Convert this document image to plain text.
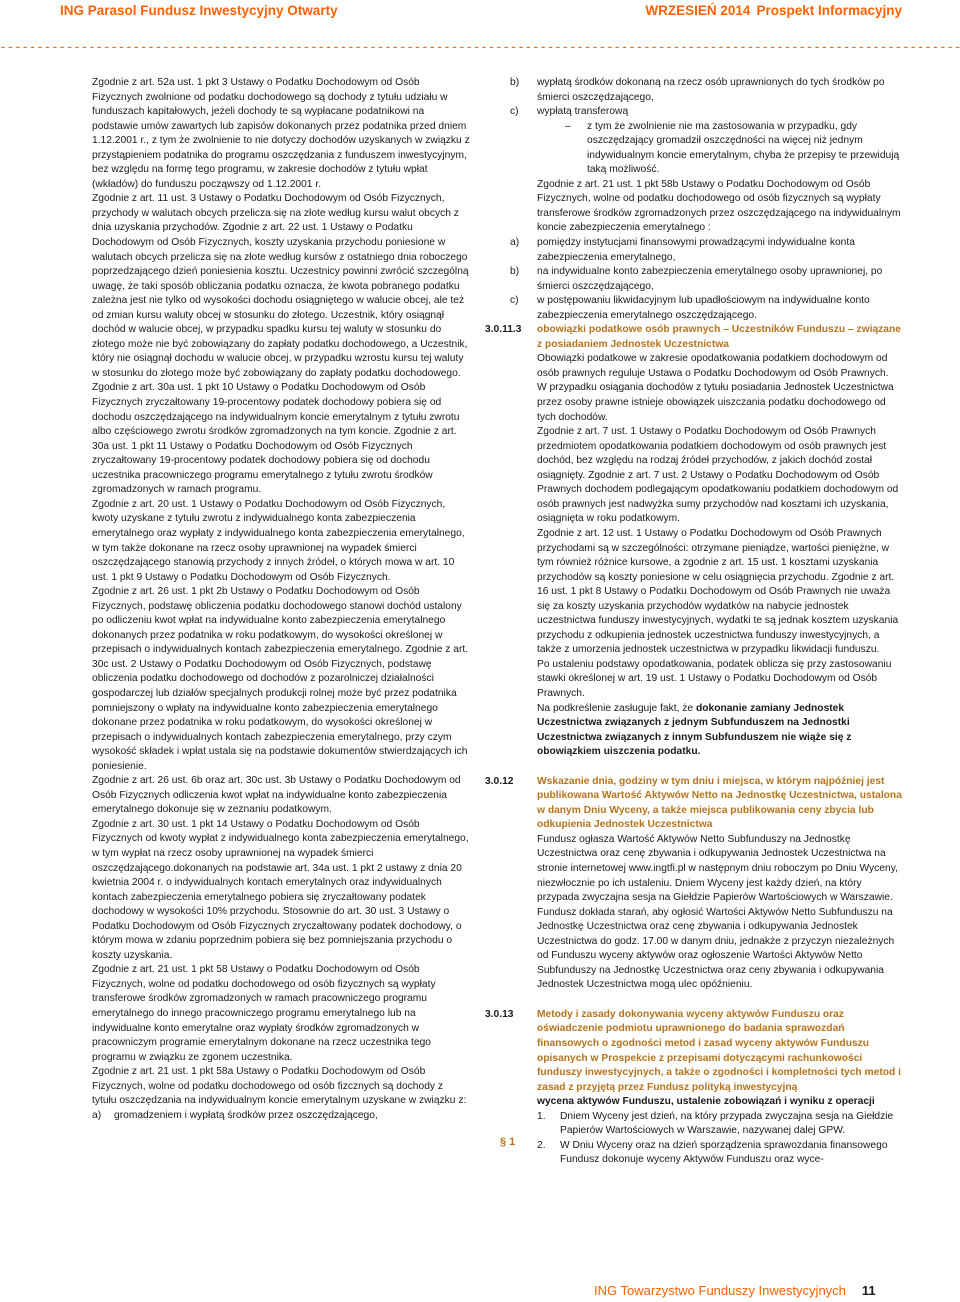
ING Parasol Fundusz Inwestycyjny Otwarty	WRZESIEŃ 2014 Prospekt Informacyjny
Zgodnie z art. 52a ust. 1 pkt 3 Ustawy o Podatku Dochodowym od Osób Fizycznych zwolnione od podatku dochodowego są dochody z tytułu udziału w funduszach kapitałowych, jeżeli dochody te są wypłacane podatnikowi na podstawie umów zawartych lub zapisów dokonanych przez podatnika przed dniem 1.12.2001 r., z tym że zwolnienie to nie dotyczy dochodów uzyskanych w związku z przystąpieniem podatnika do programu oszczędzania z funduszem inwestycyjnym, bez względu na formę tego programu, w zakresie dochodów z tytułu wpłat (wkładów) do funduszu począwszy od 1.12.2001 r.
Zgodnie z art. 11 ust. 3 Ustawy o Podatku Dochodowym od Osób Fizycznych, przychody w walutach obcych przelicza się na złote według kursu walut obcych z dnia uzyskania przychodów. Zgodnie z art. 22 ust. 1 Ustawy o Podatku Dochodowym od Osób Fizycznych, koszty uzyskania przychodu poniesione w walutach obcych przelicza się na złote według kursów z ostatniego dnia roboczego poprzedzającego dzień poniesienia kosztu. Uczestnicy powinni zwrócić szczególną uwagę, że taki sposób obliczania podatku oznacza, że kwota pobranego podatku zależna jest nie tylko od wysokości dochodu osiągniętego w walucie obcej, ale też od zmian kursu waluty obcej w stosunku do złotego. Uczestnik, który osiągnął dochód w walucie obcej, w przypadku spadku kursu tej waluty w stosunku do złotego może nie być zobowiązany do zapłaty podatku dochodowego, a Uczestnik, który nie osiągnął dochodu w walucie obcej, w przypadku wzrostu kursu tej waluty w stosunku do złotego może być zobowiązany do zapłaty podatku dochodowego.
Zgodnie z art. 30a ust. 1 pkt 10 Ustawy o Podatku Dochodowym od Osób Fizycznych zryczałtowany 19-procentowy podatek dochodowy pobiera się od dochodu oszczędzającego na indywidualnym koncie emerytalnym z tytułu zwrotu albo częściowego zwrotu środków zgromadzonych na tym koncie. Zgodnie z art. 30a ust. 1 pkt 11 Ustawy o Podatku Dochodowym od Osób Fizycznych zryczałtowany 19-procentowy podatek dochodowy pobiera się od dochodu uczestnika pracowniczego programu emerytalnego z tytułu zwrotu środków zgromadzonych w ramach programu.
Zgodnie z art. 20 ust. 1 Ustawy o Podatku Dochodowym od Osób Fizycznych, kwoty uzyskane z tytułu zwrotu z indywidualnego konta zabezpieczenia emerytalnego oraz wypłaty z indywidualnego konta zabezpieczenia emerytalnego, w tym także dokonane na rzecz osoby uprawnionej na wypadek śmierci oszczędzającego stanowią przychody z innych źródeł, o których mowa w art. 10 ust. 1 pkt 9 Ustawy o Podatku Dochodowym od Osób Fizycznych.
Zgodnie z art. 26 ust. 1 pkt 2b Ustawy o Podatku Dochodowym od Osób Fizycznych, podstawę obliczenia podatku dochodowego stanowi dochód ustalony po odliczeniu kwot wpłat na indywidualne konto zabezpieczenia emerytalnego dokonanych przez podatnika w roku podatkowym, do wysokości określonej w przepisach o indywidualnych kontach zabezpieczenia emerytalnego. Zgodnie z art. 30c ust. 2 Ustawy o Podatku Dochodowym od Osób Fizycznych, podstawę obliczenia podatku dochodowego od dochodów z pozarolniczej działalności gospodarczej lub działów specjalnych produkcji rolnej może być przez podatnika pomniejszony o wpłaty na indywidualne konto zabezpieczenia emerytalnego dokonane przez podatnika w roku podatkowym, do wysokości określonej w przepisach o indywidualnych kontach zabezpieczenia emerytalnego, przy czym wysokość składek i wpłat ustala się na podstawie dokumentów stwierdzających ich poniesienie.
Zgodnie z art. 26 ust. 6b oraz art. 30c ust. 3b Ustawy o Podatku Dochodowym od Osób Fizycznych odliczenia kwot wpłat na indywidualne konto zabezpieczenia emerytalnego dokonuje się w zeznaniu podatkowym.
Zgodnie z art. 30 ust. 1 pkt 14 Ustawy o Podatku Dochodowym od Osób Fizycznych od kwoty wypłat z indywidualnego konta zabezpieczenia emerytalnego, w tym wypłat na rzecz osoby uprawnionej na wypadek śmierci oszczędzającego.dokonanych na podstawie art. 34a ust. 1 pkt 2 ustawy z dnia 20 kwietnia 2004 r. o indywidualnych kontach emerytalnych oraz indywidualnych kontach zabezpieczenia emerytalnego pobiera się zryczałtowany podatek dochodowy w wysokości 10% przychodu. Stosownie do art. 30 ust. 3 Ustawy o Podatku Dochodowym od Osób Fizycznych zryczałtowany podatek dochodowy, o którym mowa w zdaniu poprzednim pobiera się bez pomniejszania przychodu o koszty uzyskania.
Zgodnie z art. 21 ust. 1 pkt 58 Ustawy o Podatku Dochodowym od Osób Fizycznych, wolne od podatku dochodowego od osób fizycznych są wypłaty transferowe środków zgromadzonych w ramach pracowniczego programu emerytalnego do innego pracowniczego programu emerytalnego lub na indywidualne konto emerytalne oraz wypłaty środków zgromadzonych w pracowniczym programie emerytalnym dokonane na rzecz uczestnika tego programu w związku ze zgonem uczestnika.
Zgodnie z art. 21 ust. 1 pkt 58a Ustawy o Podatku Dochodowym od Osób Fizycznych, wolne od podatku dochodowego od osób fizcznych są dochody z tytułu oszczędzania na indywidualnym koncie emerytalnym uzyskane w związku z:
a) gromadzeniem i wypłatą środków przez oszczędzającego,
b) wypłatą środków dokonaną na rzecz osób uprawnionych do tych środków po śmierci oszczędzającego,
c) wypłatą transferową
– z tym że zwolnienie nie ma zastosowania w przypadku, gdy oszczędzający gromadził oszczędności na więcej niż jednym indywidualnym koncie emerytalnym, chyba że przepisy te przewidują taką możliwość.
Zgodnie z art. 21 ust. 1 pkt 58b Ustawy o Podatku Dochodowym od Osób Fizycznych, wolne od podatku dochodowego od osób fizycznych są wypłaty transferowe środków zgromadzonych przez oszczędzającego na indywidualnym koncie zabezpieczenia emerytalnego :
a) pomiędzy instytucjami finansowymi prowadzącymi indywidualne konta zabezpieczenia emerytalnego,
b) na indywidualne konto zabezpieczenia emerytalnego osoby uprawnionej, po śmierci oszczędzającego,
c) w postępowaniu likwidacyjnym lub upadłościowym na indywidualne konto zabezpieczenia emerytalnego oszczędzającego.
3.0.11.3 obowiązki podatkowe osób prawnych – Uczestników Funduszu – związane z posiadaniem Jednostek Uczestnictwa
Obowiązki podatkowe w zakresie opodatkowania podatkiem dochodowym od osób prawnych reguluje Ustawa o Podatku Dochodowym od Osób Prawnych.
W przypadku osiągania dochodów z tytułu posiadania Jednostek Uczestnictwa przez osoby prawne istnieje obowiązek uiszczania podatku dochodowego od tych dochodów.
Zgodnie z art. 7 ust. 1 Ustawy o Podatku Dochodowym od Osób Prawnych przedmiotem opodatkowania podatkiem dochodowym od osób prawnych jest dochód, bez względu na rodzaj źródeł przychodów, z jakich dochód został osiągnięty. Zgodnie z art. 7 ust. 2 Ustawy o Podatku Dochodowym od Osób Prawnych dochodem podlegającym opodatkowaniu podatkiem dochodowym od osób prawnych jest nadwyżka sumy przychodów nad kosztami ich uzyskania, osiągnięta w roku podatkowym.
Zgodnie z art. 12 ust. 1 Ustawy o Podatku Dochodowym od Osób Prawnych przychodami są w szczególności: otrzymane pieniądze, wartości pieniężne, w tym również różnice kursowe, a zgodnie z art. 15 ust. 1 kosztami uzyskania przychodów są koszty poniesione w celu osiągnięcia przychodu. Zgodnie z art. 16 ust. 1 pkt 8 Ustawy o Podatku Dochodowym od Osób Prawnych nie uważa się za koszty uzyskania przychodów wydatków na nabycie jednostek uczestnictwa funduszy inwestycyjnych, wydatki te są jednak kosztem uzyskania przychodu z odkupienia jednostek uczestnictwa funduszy inwestycyjnych, a także z umorzenia jednostek uczestnictwa w przypadku likwidacji funduszu.
Po ustaleniu podstawy opodatkowania, podatek oblicza się przy zastosowaniu stawki określonej w art. 19 ust. 1 Ustawy o Podatku Dochodowym od Osób Prawnych.
Na podkreślenie zasługuje fakt, że dokonanie zamiany Jednostek Uczestnictwa związanych z jednym Subfunduszem na Jednostki Uczestnictwa związanych z innym Subfunduszem nie wiąże się z obowiązkiem uiszczenia podatku.
3.0.12 Wskazanie dnia, godziny w tym dniu i miejsca, w którym najpóźniej jest publikowana Wartość Aktywów Netto na Jednostkę Uczestnictwa, ustalona w danym Dniu Wyceny, a także miejsca publikowania ceny zbycia lub odkupienia Jednostek Uczestnictwa
Fundusz ogłasza Wartość Aktywów Netto Subfunduszy na Jednostkę Uczestnictwa oraz cenę zbywania i odkupywania Jednostek Uczestnictwa na stronie internetowej www.ingtfi.pl w następnym dniu roboczym po Dniu Wyceny, niezwłocznie po ich ustaleniu. Dniem Wyceny jest każdy dzień, na który przypada zwyczajna sesja na Giełdzie Papierów Wartościowych w Warszawie. Fundusz dokłada starań, aby ogłosić Wartości Aktywów Netto Subfunduszu na Jednostkę Uczestnictwa oraz cenę zbywania i odkupywania Jednostek Uczestnictwa do godz. 17.00 w danym dniu, jednakże z przyczyn niezależnych od Funduszu wyceny aktywów oraz ogłoszenie Wartości Aktywów Netto Subfunduszy na Jednostkę Uczestnictwa oraz ceny zbywania i odkupywania Jednostek Uczestnictwa mogą ulec opóźnieniu.
3.0.13 Metody i zasady dokonywania wyceny aktywów Funduszu oraz oświadczenie podmiotu uprawnionego do badania sprawozdań finansowych o zgodności metod i zasad wyceny aktywów Funduszu opisanych w Prospekcie z przepisami dotyczącymi rachunkowości funduszy inwestycyjnych, a także o zgodności i kompletności tych metod i zasad z przyjętą przez Fundusz polityką inwestycyjną
wycena aktywów Funduszu, ustalenie zobowiązań i wyniku z operacji
1. Dniem Wyceny jest dzień, na który przypada zwyczajna sesja na Giełdzie Papierów Wartościowych w Warszawie, nazywanej dalej GPW.
2. W Dniu Wyceny oraz na dzień sporządzenia sprawozdania finansowego Fundusz dokonuje wyceny Aktywów Funduszu oraz wyce-
§ 1
ING Towarzystwo Funduszy Inwestycyjnych 11
